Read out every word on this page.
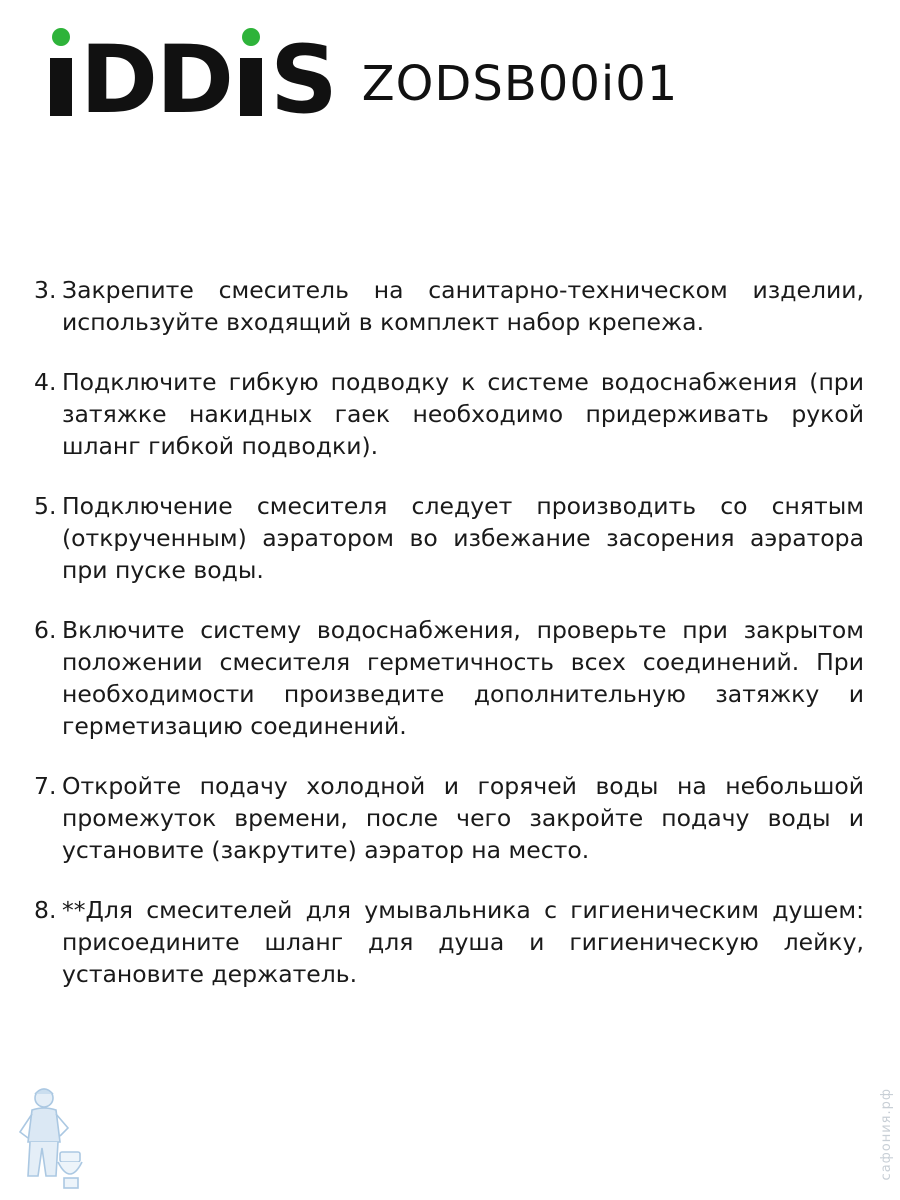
DD S ZODSB00i01
3. Закрепите смеситель на санитарно-техническом изделии, используйте входящий в комплект набор крепежа.
4. Подключите гибкую подводку к системе водоснабжения (при затяжке накидных гаек необходимо придерживать рукой шланг гибкой подводки).
5. Подключение смесителя следует производить со снятым (открученным) аэратором во избежание засорения аэратора при пуске воды.
6. Включите систему водоснабжения, проверьте при закрытом положении смесителя герметичность всех соединений. При необходимости произведите дополнительную затяжку и герметизацию соединений.
7. Откройте подачу холодной и горячей воды на небольшой промежуток времени, после чего закройте подачу воды и установите (закрутите) аэратор на место.
8. **Для смесителей для умывальника с гигиеническим душем: присоедините шланг для душа и гигиеническую лейку, установите держатель.
сафония.рф
